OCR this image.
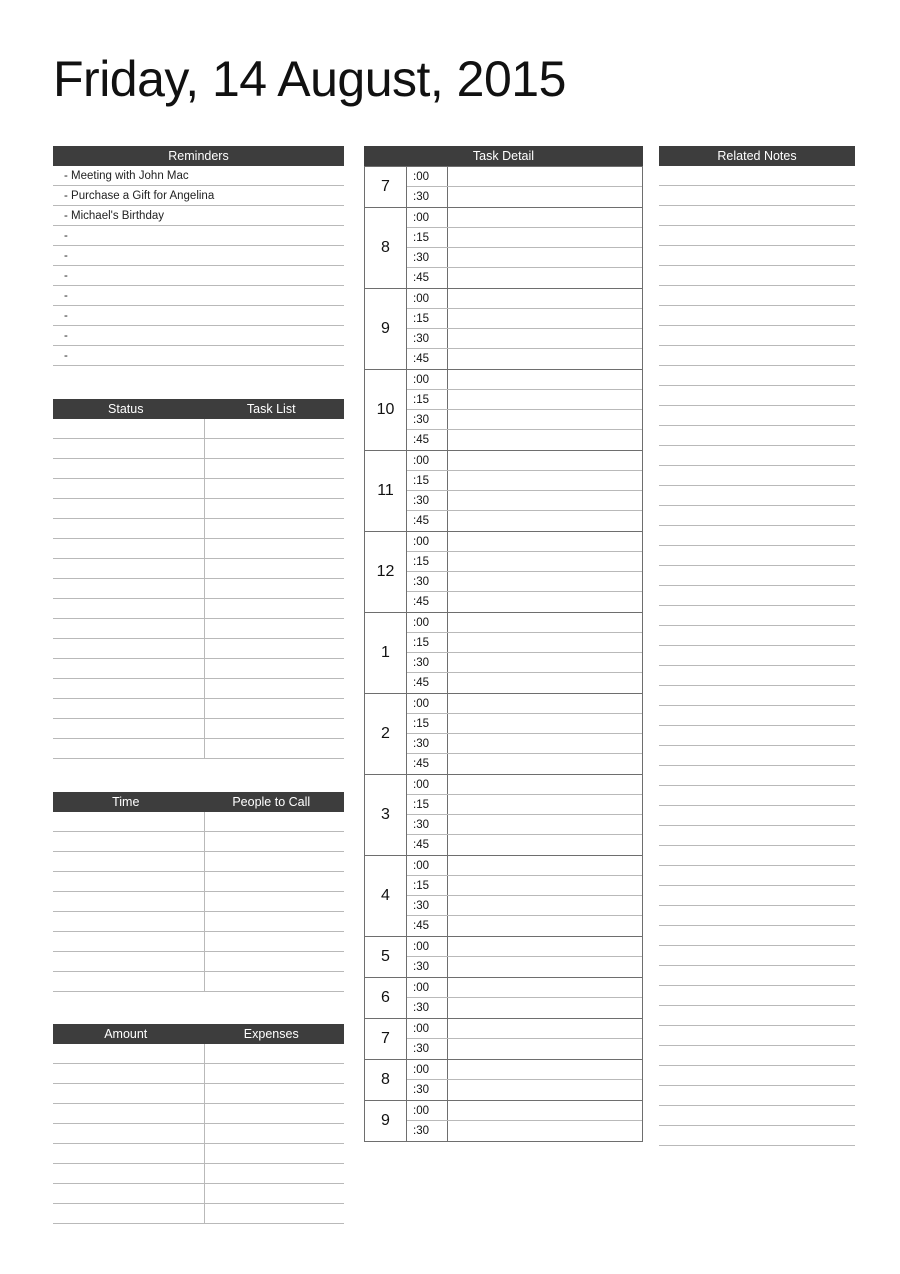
Friday, 14 August, 2015
Reminders
- Meeting with John Mac
- Purchase a Gift for Angelina
- Michael's Birthday
-
-
-
-
-
-
-
Status	Task List
Time	People to Call
Amount	Expenses
Task Detail
7
:00
:30
8
:00
:15
:30
:45
9
:00
:15
:30
:45
10
:00
:15
:30
:45
11
:00
:15
:30
:45
12
:00
:15
:30
:45
1
:00
:15
:30
:45
2
:00
:15
:30
:45
3
:00
:15
:30
:45
4
:00
:15
:30
:45
5
:00
:30
6
:00
:30
7
:00
:30
8
:00
:30
9
:00
:30
Related Notes
